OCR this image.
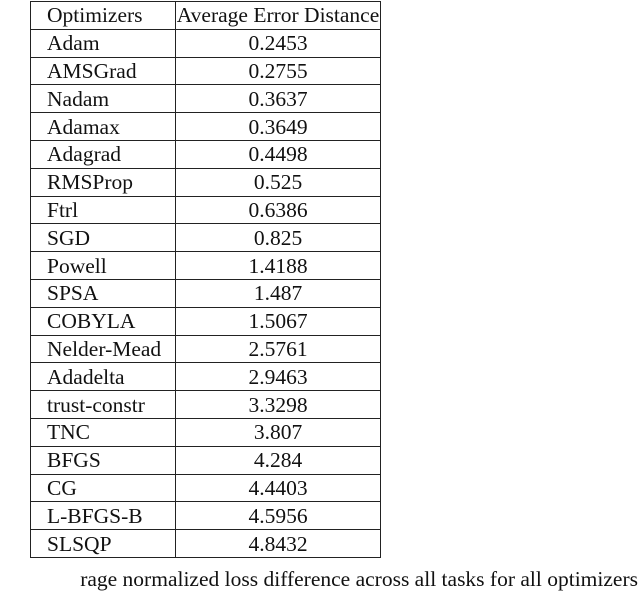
Optimizers	Average Error Distance
Adam	0.2453
AMSGrad	0.2755
Nadam	0.3637
Adamax	0.3649
Adagrad	0.4498
RMSProp	0.525
Ftrl	0.6386
SGD	0.825
Powell	1.4188
SPSA	1.487
COBYLA	1.5067
Nelder-Mead	2.5761
Adadelta	2.9463
trust-constr	3.3298
TNC	3.807
BFGS	4.284
CG	4.4403
L-BFGS-B	4.5956
SLSQP	4.8432
rage normalized loss difference across all tasks for all optimizers
